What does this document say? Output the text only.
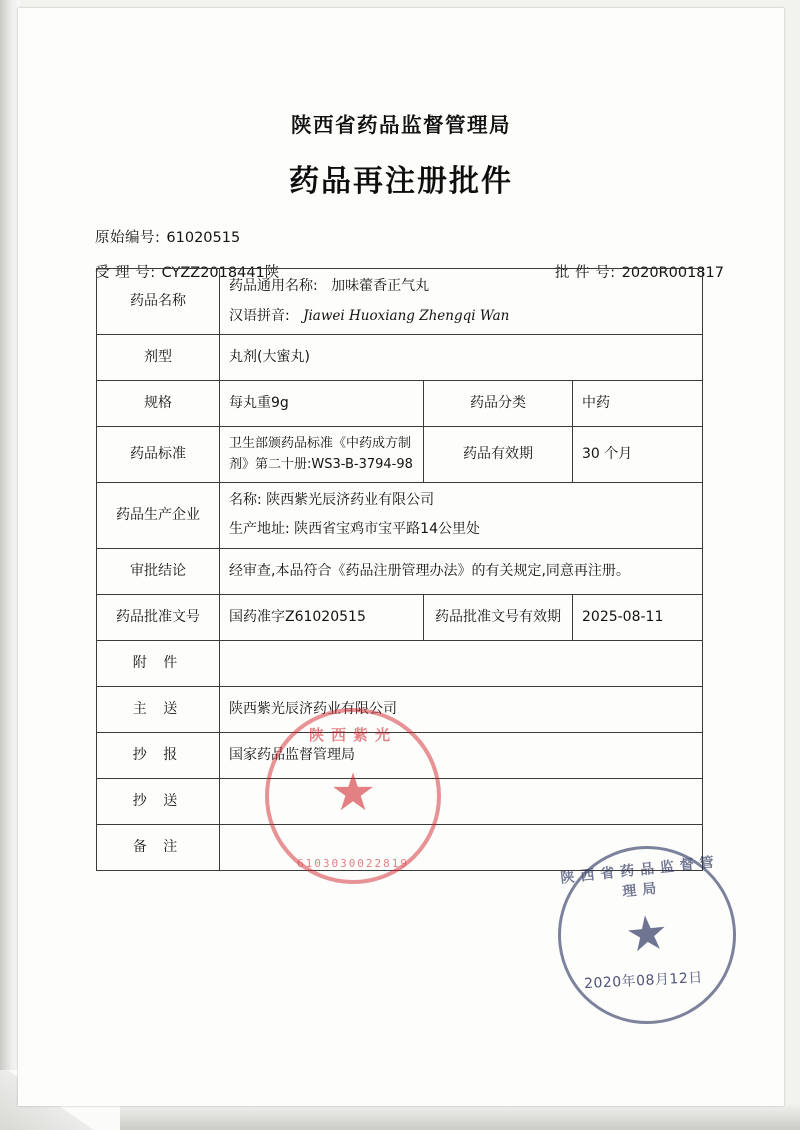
陕西省药品监督管理局
药品再注册批件
原始编号: 61020515
受 理 号: CYZZ2018441陕	批 件 号: 2020R001817
药品名称	药品通用名称: 加味藿香正气丸
汉语拼音: Jiawei Huoxiang Zhengqi Wan		

剂型	丸剂(大蜜丸)		
规格	每丸重9g	药品分类	中药
药品标准	卫生部颁药品标准《中药成方制剂》第二十册:WS3-B-3794-98	药品有效期	30 个月
药品生产企业	名称: 陕西紫光辰济药业有限公司
生产地址: 陕西省宝鸡市宝平路14公里处		

审批结论	经审查,本品符合《药品注册管理办法》的有关规定,同意再注册。		
药品批准文号	国药准字Z61020515	药品批准文号有效期	2025-08-11
附 件			
主 送	陕西紫光辰济药业有限公司		
抄 报	国家药品监督管理局		
抄 送			
备 注			
陕西紫光
★
6103030022819	陕西省药品监督管理局
★
2020年08月12日
